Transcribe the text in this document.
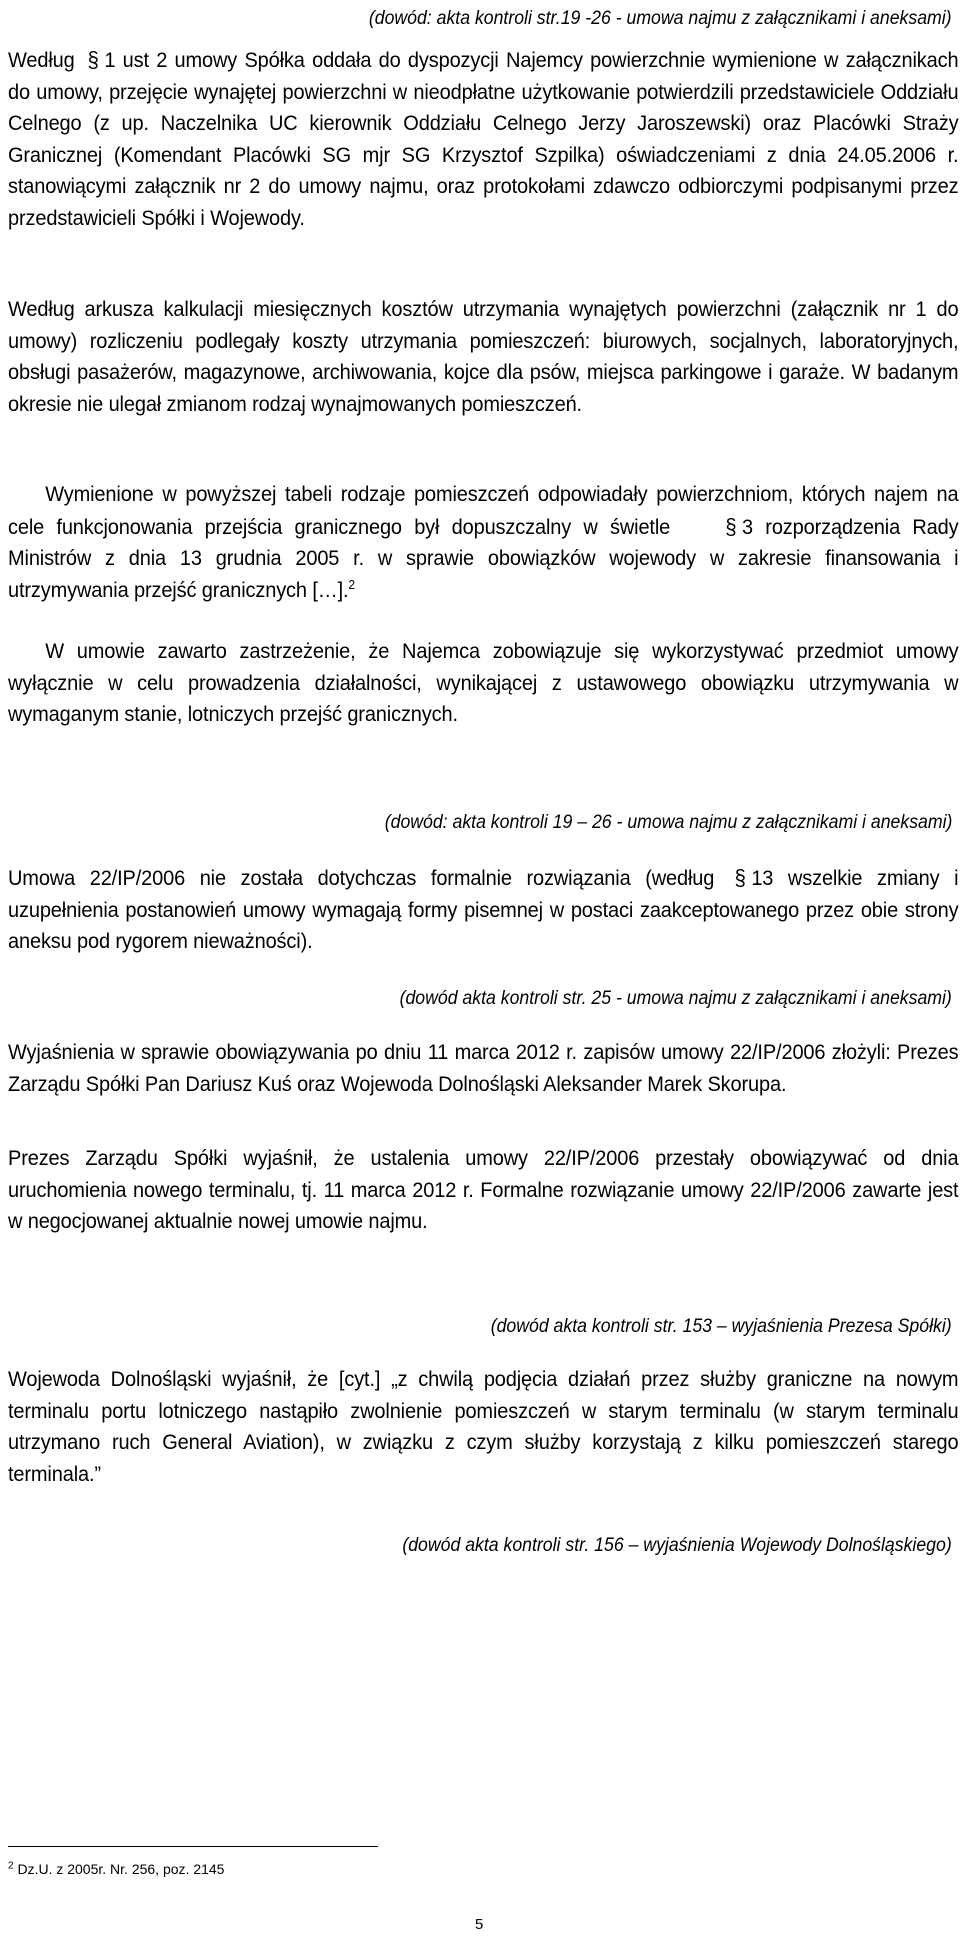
(dowód: akta kontroli str.19 -26 - umowa najmu z załącznikami i aneksami)

Według § 1 ust 2 umowy Spółka oddała do dyspozycji Najemcy powierzchnie wymienione w załącznikach do umowy, przejęcie wynajętej powierzchni w nieodpłatne użytkowanie potwierdzili przedstawiciele Oddziału Celnego (z up. Naczelnika UC kierownik Oddziału Celnego Jerzy Jaroszewski) oraz Placówki Straży Granicznej (Komendant Placówki SG mjr SG Krzysztof Szpilka) oświadczeniami z dnia 24.05.2006 r. stanowiącymi załącznik nr 2 do umowy najmu, oraz protokołami zdawczo odbiorczymi podpisanymi przez przedstawicieli Spółki i Wojewody.

Według arkusza kalkulacji miesięcznych kosztów utrzymania wynajętych powierzchni (załącznik nr 1 do umowy) rozliczeniu podlegały koszty utrzymania pomieszczeń: biurowych, socjalnych, laboratoryjnych, obsługi pasażerów, magazynowe, archiwowania, kojce dla psów, miejsca parkingowe i garaże. W badanym okresie nie ulegał zmianom rodzaj wynajmowanych pomieszczeń.

Wymienione w powyższej tabeli rodzaje pomieszczeń odpowiadały powierzchniom, których najem na cele funkcjonowania przejścia granicznego był dopuszczalny w świetle § 3 rozporządzenia Rady Ministrów z dnia 13 grudnia 2005 r. w sprawie obowiązków wojewody w zakresie finansowania i utrzymywania przejść granicznych […].$^2$

W umowie zawarto zastrzeżenie, że Najemca zobowiązuje się wykorzystywać przedmiot umowy wyłącznie w celu prowadzenia działalności, wynikającej z ustawowego obowiązku utrzymywania w wymaganym stanie, lotniczych przejść granicznych.

(dowód: akta kontroli 19 – 26 - umowa najmu z załącznikami i aneksami)

Umowa 22/IP/2006 nie została dotychczas formalnie rozwiązania (według § 13 wszelkie zmiany i uzupełnienia postanowień umowy wymagają formy pisemnej w postaci zaakceptowanego przez obie strony aneksu pod rygorem nieważności).

(dowód akta kontroli str. 25 - umowa najmu z załącznikami i aneksami)

Wyjaśnienia w sprawie obowiązywania po dniu 11 marca 2012 r. zapisów umowy 22/IP/2006 złożyli: Prezes Zarządu Spółki Pan Dariusz Kuś oraz Wojewoda Dolnośląski Aleksander Marek Skorupa.

Prezes Zarządu Spółki wyjaśnił, że ustalenia umowy 22/IP/2006 przestały obowiązywać od dnia uruchomienia nowego terminalu, tj. 11 marca 2012 r. Formalne rozwiązanie umowy 22/IP/2006 zawarte jest w negocjowanej aktualnie nowej umowie najmu.

(dowód akta kontroli str. 153 – wyjaśnienia Prezesa Spółki)

Wojewoda Dolnośląski wyjaśnił, że [cyt.] „z chwilą podjęcia działań przez służby graniczne na nowym terminalu portu lotniczego nastąpiło zwolnienie pomieszczeń w starym terminalu (w starym terminalu utrzymano ruch General Aviation), w związku z czym służby korzystają z kilku pomieszczeń starego terminala.”

(dowód akta kontroli str. 156 – wyjaśnienia Wojewody Dolnośląskiego)
$^2$ Dz.U. z 2005r. Nr. 256, poz. 2145
5
